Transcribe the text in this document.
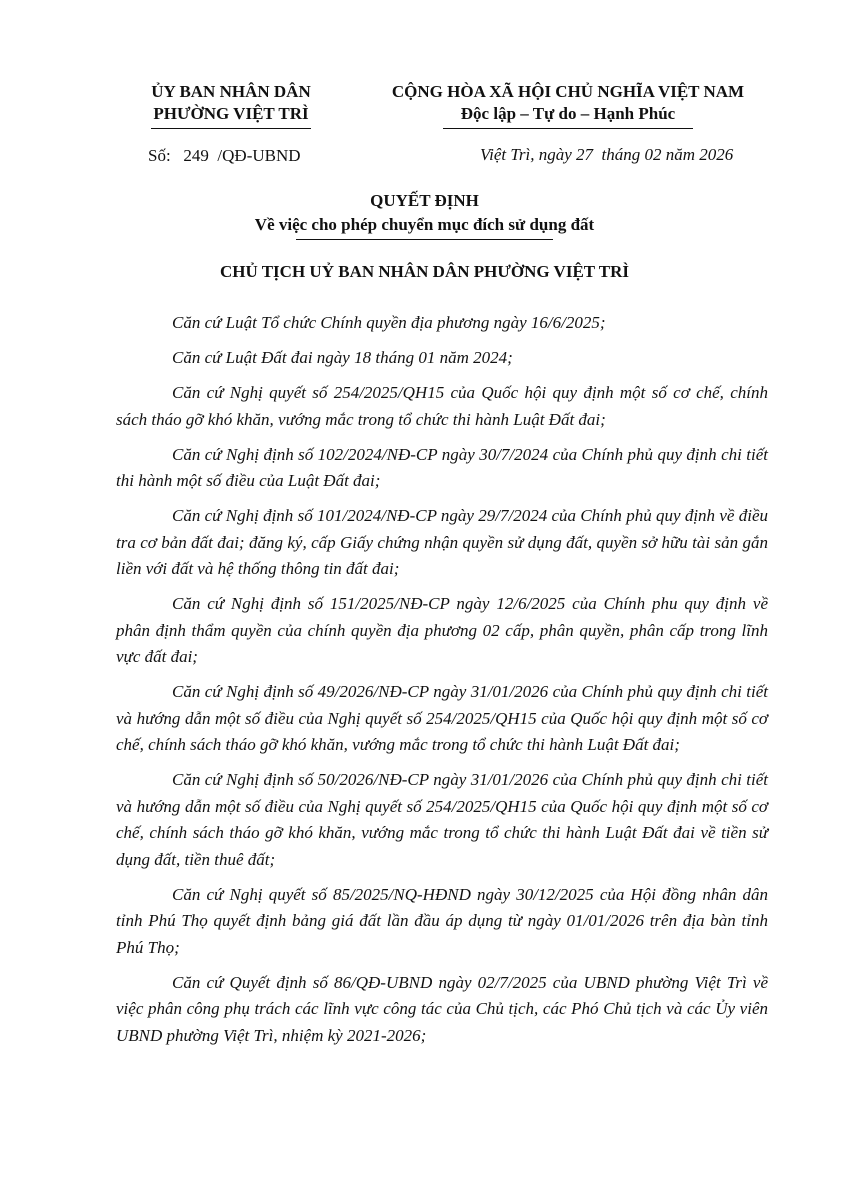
ỦY BAN NHÂN DÂN
PHƯỜNG VIỆT TRÌ
CỘNG HÒA XÃ HỘI CHỦ NGHĨA VIỆT NAM
Độc lập – Tự do – Hạnh Phúc
Số:   249  /QĐ-UBND	Việt Trì, ngày 27  tháng 02 năm 2026
QUYẾT ĐỊNH
Về việc cho phép chuyển mục đích sử dụng đất
CHỦ TỊCH UỶ BAN NHÂN DÂN PHƯỜNG VIỆT TRÌ

Căn cứ Luật Tổ chức Chính quyền địa phương ngày 16/6/2025;

Căn cứ Luật Đất đai ngày 18 tháng 01 năm 2024;

Căn cứ Nghị quyết số 254/2025/QH15 của Quốc hội quy định một số cơ chế, chính sách tháo gỡ khó khăn, vướng mắc trong tổ chức thi hành Luật Đất đai;

Căn cứ Nghị định số 102/2024/NĐ-CP ngày 30/7/2024 của Chính phủ quy định chi tiết thi hành một số điều của Luật Đất đai;

Căn cứ Nghị định số 101/2024/NĐ-CP ngày 29/7/2024 của Chính phủ quy định về điều tra cơ bản đất đai; đăng ký, cấp Giấy chứng nhận quyền sử dụng đất, quyền sở hữu tài sản gắn liền với đất và hệ thống thông tin đất đai;

Căn cứ Nghị định số 151/2025/NĐ-CP ngày 12/6/2025 của Chính phu quy định về phân định thẩm quyền của chính quyền địa phương 02 cấp, phân quyền, phân cấp trong lĩnh vực đất đai;

Căn cứ Nghị định số 49/2026/NĐ-CP ngày 31/01/2026 của Chính phủ quy định chi tiết và hướng dẫn một số điều của Nghị quyết số 254/2025/QH15 của Quốc hội quy định một số cơ chế, chính sách tháo gỡ khó khăn, vướng mắc trong tổ chức thi hành Luật Đất đai;

Căn cứ Nghị định số 50/2026/NĐ-CP ngày 31/01/2026 của Chính phủ quy định chi tiết và hướng dẫn một số điều của Nghị quyết số 254/2025/QH15 của Quốc hội quy định một số cơ chế, chính sách tháo gỡ khó khăn, vướng mắc trong tổ chức thi hành Luật Đất đai về tiền sử dụng đất, tiền thuê đất;

Căn cứ Nghị quyết số 85/2025/NQ-HĐND ngày 30/12/2025 của Hội đồng nhân dân tỉnh Phú Thọ quyết định bảng giá đất lần đầu áp dụng từ ngày 01/01/2026 trên địa bàn tỉnh Phú Thọ;

Căn cứ Quyết định số 86/QĐ-UBND ngày 02/7/2025 của UBND phường Việt Trì về việc phân công phụ trách các lĩnh vực công tác của Chủ tịch, các Phó Chủ tịch và các Ủy viên UBND phường Việt Trì, nhiệm kỳ 2021-2026;
